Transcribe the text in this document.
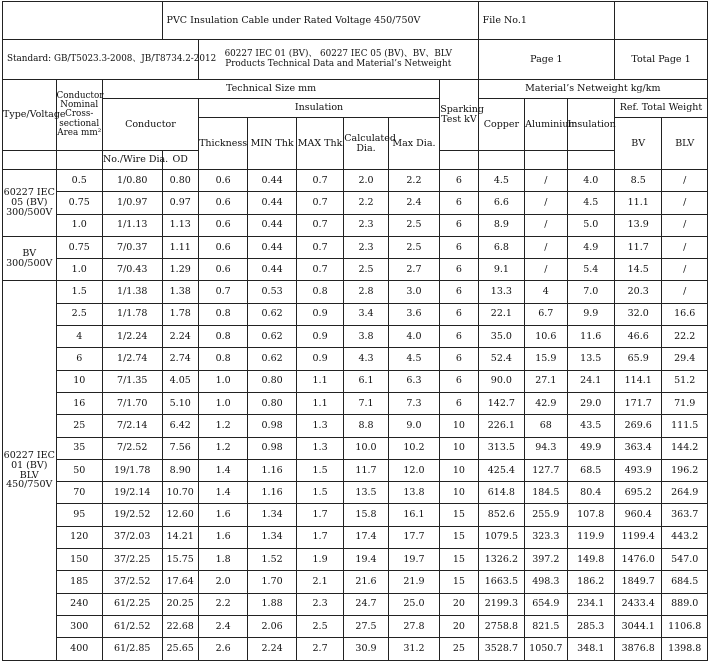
			PVC Insulation Cable under Rated Voltage 450/750V							File No.1				
Standard: GB/T5023.3-2008、JB/T8734.2-2012				60227 IEC 01 (BV)、 60227 IEC 05 (BV)、BV、BLV
Products Technical Data and Material’s Netweight						Page 1			Total Page 1	
Type/Voltage	Conductor Nominal Cross-sectional Area mm²	Technical Size mm							Sparking Test kV	Material’s Netweight kg/km				
		Conductor		Insulation						Copper	Aluminium	Insulation	Ref. Total Weight	
				Thickness	MIN Thk	MAX Thk	Calculated Dia.	Max Dia.					BV	BLV
		No./Wire Dia.	OD											
60227 IEC 05 (BV) 300/500V	0.5	1/0.80	0.80	0.6	0.44	0.7	2.0	2.2	6	4.5	/	4.0	8.5	/
	0.75	1/0.97	0.97	0.6	0.44	0.7	2.2	2.4	6	6.6	/	4.5	11.1	/
	1.0	1/1.13	1.13	0.6	0.44	0.7	2.3	2.5	6	8.9	/	5.0	13.9	/
BV 300/500V	0.75	7/0.37	1.11	0.6	0.44	0.7	2.3	2.5	6	6.8	/	4.9	11.7	/
	1.0	7/0.43	1.29	0.6	0.44	0.7	2.5	2.7	6	9.1	/	5.4	14.5	/
60227 IEC 01 (BV) BLV 450/750V	1.5	1/1.38	1.38	0.7	0.53	0.8	2.8	3.0	6	13.3	4	7.0	20.3	/
	2.5	1/1.78	1.78	0.8	0.62	0.9	3.4	3.6	6	22.1	6.7	9.9	32.0	16.6
	4	1/2.24	2.24	0.8	0.62	0.9	3.8	4.0	6	35.0	10.6	11.6	46.6	22.2
	6	1/2.74	2.74	0.8	0.62	0.9	4.3	4.5	6	52.4	15.9	13.5	65.9	29.4
	10	7/1.35	4.05	1.0	0.80	1.1	6.1	6.3	6	90.0	27.1	24.1	114.1	51.2
	16	7/1.70	5.10	1.0	0.80	1.1	7.1	7.3	6	142.7	42.9	29.0	171.7	71.9
	25	7/2.14	6.42	1.2	0.98	1.3	8.8	9.0	10	226.1	68	43.5	269.6	111.5
	35	7/2.52	7.56	1.2	0.98	1.3	10.0	10.2	10	313.5	94.3	49.9	363.4	144.2
	50	19/1.78	8.90	1.4	1.16	1.5	11.7	12.0	10	425.4	127.7	68.5	493.9	196.2
	70	19/2.14	10.70	1.4	1.16	1.5	13.5	13.8	10	614.8	184.5	80.4	695.2	264.9
	95	19/2.52	12.60	1.6	1.34	1.7	15.8	16.1	15	852.6	255.9	107.8	960.4	363.7
	120	37/2.03	14.21	1.6	1.34	1.7	17.4	17.7	15	1079.5	323.3	119.9	1199.4	443.2
	150	37/2.25	15.75	1.8	1.52	1.9	19.4	19.7	15	1326.2	397.2	149.8	1476.0	547.0
	185	37/2.52	17.64	2.0	1.70	2.1	21.6	21.9	15	1663.5	498.3	186.2	1849.7	684.5
	240	61/2.25	20.25	2.2	1.88	2.3	24.7	25.0	20	2199.3	654.9	234.1	2433.4	889.0
	300	61/2.52	22.68	2.4	2.06	2.5	27.5	27.8	20	2758.8	821.5	285.3	3044.1	1106.8
	400	61/2.85	25.65	2.6	2.24	2.7	30.9	31.2	25	3528.7	1050.7	348.1	3876.8	1398.8
